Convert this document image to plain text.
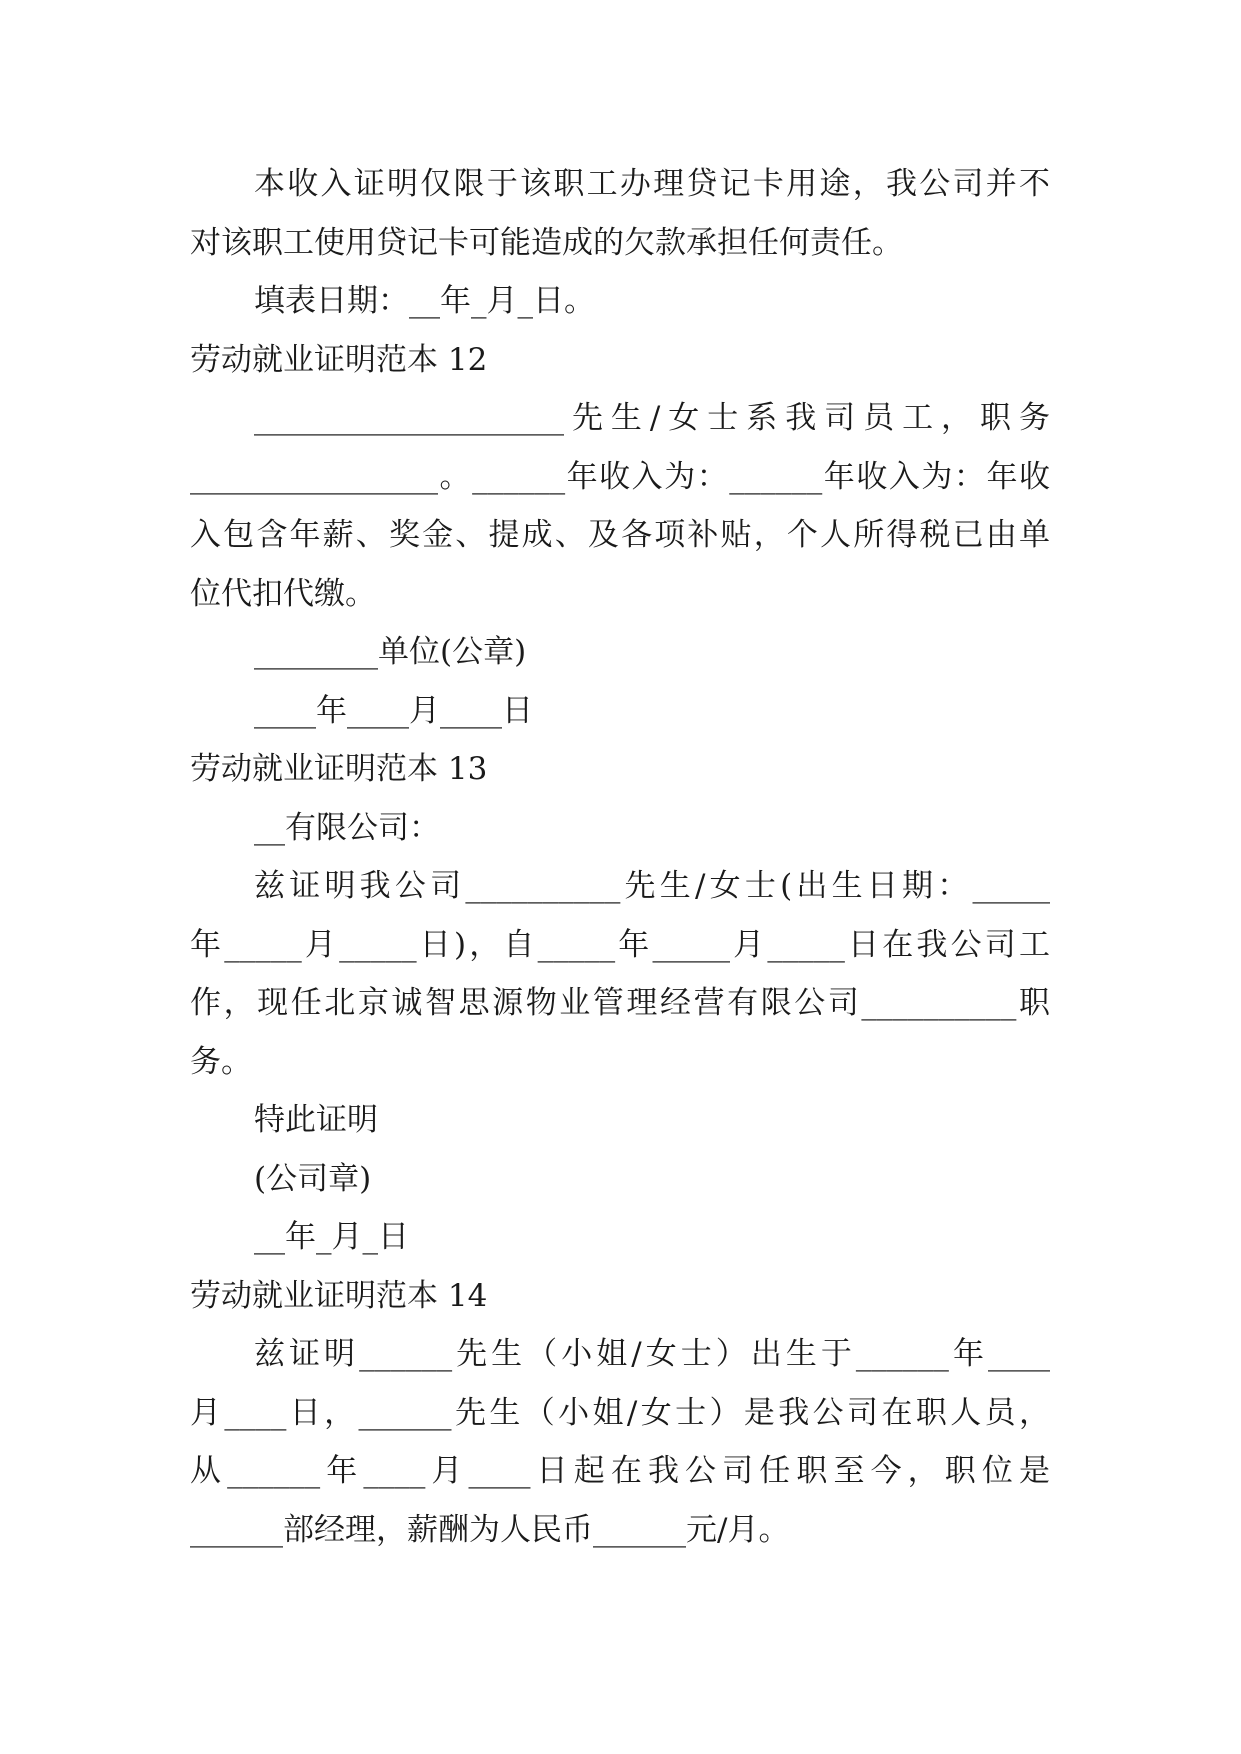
本收入证明仅限于该职工办理贷记卡用途，我公司并不
对该职工使用贷记卡可能造成的欠款承担任何责任。
填表日期：__年_月_日。
劳动就业证明范本 12
____________________先生/女士系我司员工，职务
________________。______年收入为：______年收入为：年收
入包含年薪、奖金、提成、及各项补贴，个人所得税已由单
位代扣代缴。
________单位(公章)
____年____月____日
劳动就业证明范本 13
__有限公司：
兹证明我公司__________先生/女士(出生日期：_____
年_____月_____日)，自_____年_____月_____日在我公司工
作，现任北京诚智思源物业管理经营有限公司__________职
务。
特此证明
(公司章)
__年_月_日
劳动就业证明范本 14
兹证明______先生（小姐/女士）出生于______年____
月____日，______先生（小姐/女士）是我公司在职人员，
从______年____月____日起在我公司任职至今，职位是
______部经理，薪酬为人民币______元/月。
